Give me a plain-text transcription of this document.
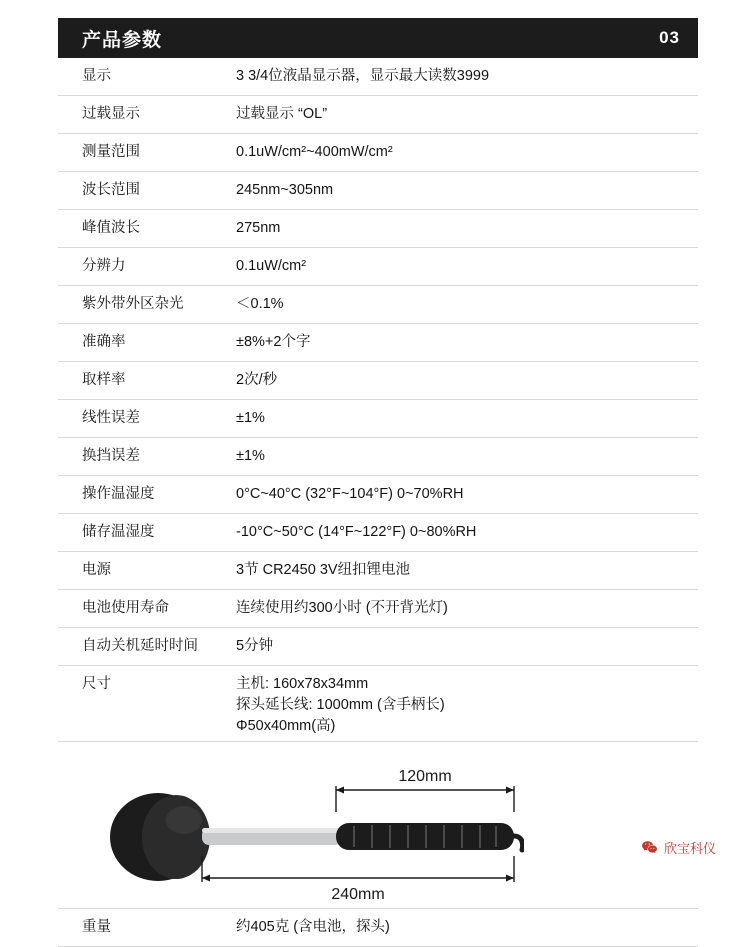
产品参数	03
显示	3 3/4位液晶显示器，显示最大读数3999
过载显示	过载显示 “OL”
测量范围	0.1uW/cm²~400mW/cm²
波长范围	245nm~305nm
峰值波长	275nm
分辨力	0.1uW/cm²
紫外带外区杂光	＜0.1%
准确率	±8%+2个字
取样率	2次/秒
线性误差	±1%
换挡误差	±1%
操作温湿度	0°C~40°C (32°F~104°F) 0~70%RH
储存温湿度	-10°C~50°C (14°F~122°F) 0~80%RH
电源	3节 CR2450 3V纽扣锂电池
电池使用寿命	连续使用约300小时 (不开背光灯)
自动关机延时时间	5分钟
尺寸	主机: 160x78x34mm
探头延长线: 1000mm (含手柄长)
Φ50x40mm(高)

120mm
240mm	

重量	约405克 (含电池，探头)
欣宝科仪
